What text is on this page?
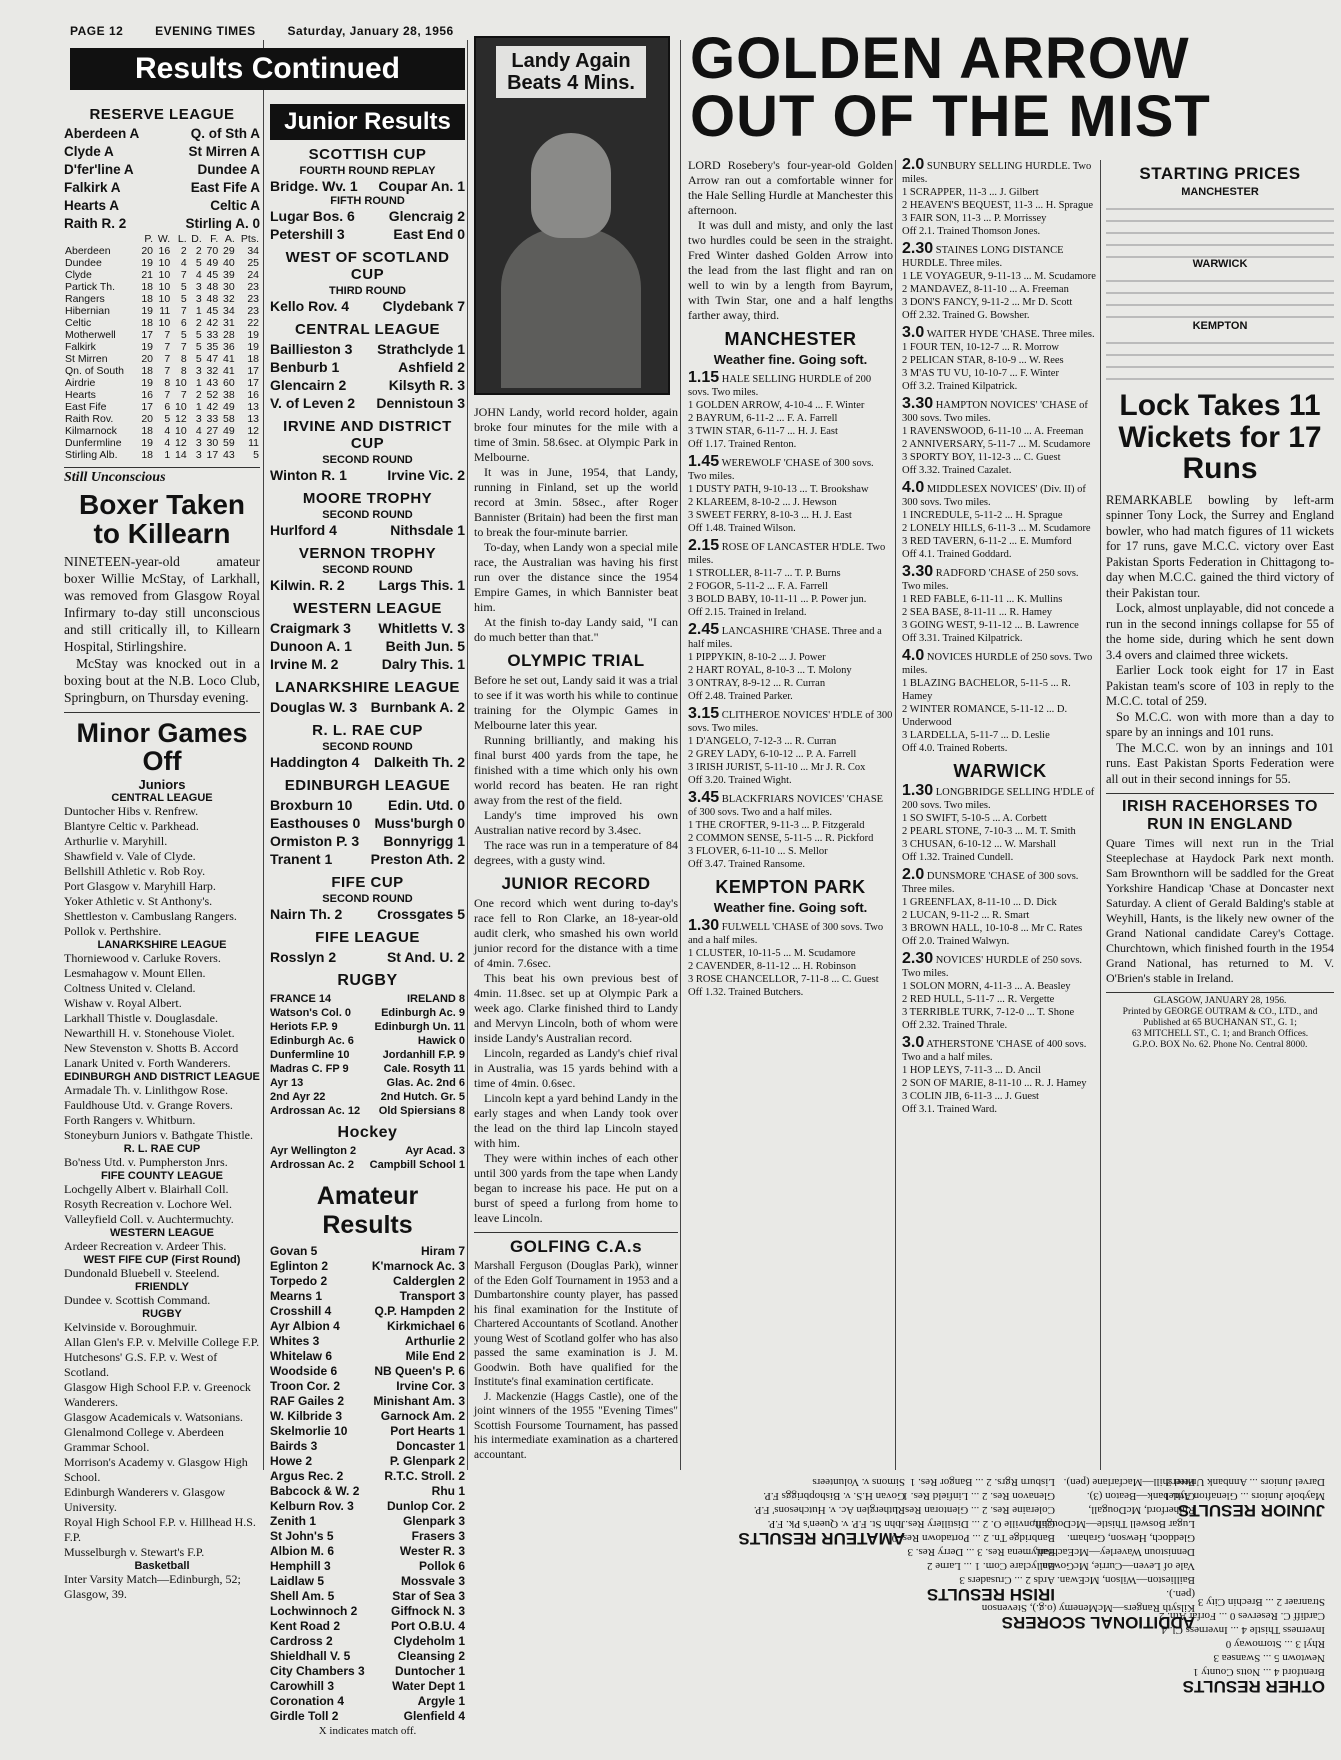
PAGE 12	EVENING TIMES	Saturday, January 28, 1956
Results Continued
RESERVE LEAGUE
Aberdeen A	Q. of Sth A
Clyde A	St Mirren A
D'fer'line A	Dundee A
Falkirk A	East Fife A
Hearts A	Celtic A
Raith R. 2	Stirling A. 0
	P.	W.	L.	D.	F.	A.	Pts.
Aberdeen	20	16	2	2	70	29	34
Dundee	19	10	4	5	49	40	25
Clyde	21	10	7	4	45	39	24
Partick Th.	18	10	5	3	48	30	23
Rangers	18	10	5	3	48	32	23
Hibernian	19	11	7	1	45	34	23
Celtic	18	10	6	2	42	31	22
Motherwell	17	7	5	5	33	28	19
Falkirk	19	7	7	5	35	36	19
St Mirren	20	7	8	5	47	41	18
Qn. of South	18	7	8	3	32	41	17
Airdrie	19	8	10	1	43	60	17
Hearts	16	7	7	2	52	38	16
East Fife	17	6	10	1	42	49	13
Raith Rov.	20	5	12	3	33	58	13
Kilmarnock	18	4	10	4	27	49	12
Dunfermline	19	4	12	3	30	59	11
Stirling Alb.	18	1	14	3	17	43	5
Still Unconscious
Boxer Taken to Killearn
NINETEEN-year-old amateur boxer Willie McStay, of Larkhall, was removed from Glasgow Royal Infirmary to-day still unconscious and still critically ill, to Killearn Hospital, Stirlingshire.
McStay was knocked out in a boxing bout at the N.B. Loco Club, Springburn, on Thursday evening.
Minor Games Off
Juniors
CENTRAL LEAGUE
Duntocher Hibs v. Renfrew.
Blantyre Celtic v. Parkhead.
Arthurlie v. Maryhill.
Shawfield v. Vale of Clyde.
Bellshill Athletic v. Rob Roy.
Port Glasgow v. Maryhill Harp.
Yoker Athletic v. St Anthony's.
Shettleston v. Cambuslang Rangers.
Pollok v. Perthshire.
LANARKSHIRE LEAGUE
Thorniewood v. Carluke Rovers.
Lesmahagow v. Mount Ellen.
Coltness United v. Cleland.
Wishaw v. Royal Albert.
Larkhall Thistle v. Douglasdale.
Newarthill H. v. Stonehouse Violet.
New Stevenston v. Shotts B. Accord
Lanark United v. Forth Wanderers.
EDINBURGH AND DISTRICT LEAGUE
Armadale Th. v. Linlithgow Rose.
Fauldhouse Utd. v. Grange Rovers.
Forth Rangers v. Whitburn.
Stoneyburn Juniors v. Bathgate Thistle.
R. L. RAE CUP
Bo'ness Utd. v. Pumpherston Jnrs.
FIFE COUNTY LEAGUE
Lochgelly Albert v. Blairhall Coll.
Rosyth Recreation v. Lochore Wel.
Valleyfield Coll. v. Auchtermuchty.
WESTERN LEAGUE
Ardeer Recreation v. Ardeer This.
WEST FIFE CUP (First Round)
Dundonald Bluebell v. Steelend.
FRIENDLY
Dundee v. Scottish Command.
RUGBY
Kelvinside v. Boroughmuir.
Allan Glen's F.P. v. Melville College F.P.
Hutchesons' G.S. F.P. v. West of Scotland.
Glasgow High School F.P. v. Greenock Wanderers.
Glasgow Academicals v. Watsonians.
Glenalmond College v. Aberdeen Grammar School.
Morrison's Academy v. Glasgow High School.
Edinburgh Wanderers v. Glasgow University.
Royal High School F.P. v. Hillhead H.S. F.P.
Musselburgh v. Stewart's F.P.
Basketball
Inter Varsity Match—Edinburgh, 52; Glasgow, 39.
Junior Results
SCOTTISH CUP
FOURTH ROUND REPLAY
Bridge. Wv. 1 Coupar An. 1
FIFTH ROUND
Lugar Bos. 6 Glencraig 2
Petershill 3	East End 0
WEST OF SCOTLAND CUP
THIRD ROUND
Kello Rov. 4 Clydebank 7
CENTRAL LEAGUE
Baillieston 3 Strathclyde 1
Benburb 1	Ashfield 2
Glencairn 2	Kilsyth R. 3
V. of Leven 2 Dennistoun 3
IRVINE AND DISTRICT CUP
SECOND ROUND
Winton R. 1	Irvine Vic. 2
MOORE TROPHY
SECOND ROUND
Hurlford 4	Nithsdale 1
VERNON TROPHY
SECOND ROUND
Kilwin. R. 2 Largs This. 1
WESTERN LEAGUE
Craigmark 3 Whitletts V. 3
Dunoon A. 1 Beith Jun. 5
Irvine M. 2	Dalry This. 1
LANARKSHIRE LEAGUE
Douglas W. 3 Burnbank A. 2
R. L. RAE CUP
SECOND ROUND
Haddington 4 Dalkeith Th. 2
EDINBURGH LEAGUE
Broxburn 10	Edin. Utd. 0
Easthouses 0 Muss'burgh 0
Ormiston P. 3 Bonnyrigg 1
Tranent 1	Preston Ath. 2
FIFE CUP
SECOND ROUND
Nairn Th. 2 Crossgates 5
FIFE LEAGUE
Rosslyn 2	St And. U. 2
RUGBY
FRANCE 14	IRELAND 8
Watson's Col. 0	Edinburgh Ac. 9
Heriots F.P. 9	Edinburgh Un. 11
Edinburgh Ac. 6	Hawick 0
Dunfermline 10	Jordanhill F.P. 9
Madras C. FP 9	Cale. Rosyth 11
Ayr 13	Glas. Ac. 2nd 6
2nd Ayr 22	2nd Hutch. Gr. 5
Ardrossan Ac. 12 Old Spiersians 8
Hockey
Ayr Wellington 2	Ayr Acad. 3
Ardrossan Ac. 2 Campbill School 1
Amateur Results
Govan 5	Hiram 7
Eglinton 2	K'marnock Ac. 3
Torpedo 2	Calderglen 2
Mearns 1	Transport 3
Crosshill 4	Q.P. Hampden 2
Ayr Albion 4	Kirkmichael 6
Whites 3	Arthurlie 2
Whitelaw 6	Mile End 2
Woodside 6	NB Queen's P. 6
Troon Cor. 2	Irvine Cor. 3
RAF Gailes 2 Minishant Am. 3
W. Kilbride 3	Garnock Am. 2
Skelmorlie 10	Port Hearts 1
Bairds 3	Doncaster 1
Howe 2	P. Glenpark 2
Argus Rec. 2	R.T.C. Stroll. 2
Babcock & W. 2	Rhu 1
Kelburn Rov. 3	Dunlop Cor. 2
Zenith 1	Glenpark 3
St John's 5	Frasers 3
Albion M. 6	Wester R. 3
Hemphill 3	Pollok 6
Laidlaw 5	Mossvale 3
Shell Am. 5	Star of Sea 3
Lochwinnoch 2	Giffnock N. 3
Kent Road 2	Port O.B.U. 4
Cardross 2	Clydeholm 1
Shieldhall V. 5	Cleansing 2
City Chambers 3	Duntocher 1
Carowhill 3	Water Dept 1
Coronation 4	Argyle 1
Girdle Toll 2	Glenfield 4
X indicates match off.
Landy Again Beats 4 Mins.
JOHN Landy, world record holder, again broke four minutes for the mile with a time of 3min. 58.6sec. at Olympic Park in Melbourne.
It was in June, 1954, that Landy, running in Finland, set up the world record at 3min. 58sec., after Roger Bannister (Britain) had been the first man to break the four-minute barrier.
To-day, when Landy won a special mile race, the Australian was having his first run over the distance since the 1954 Empire Games, in which Bannister beat him.
At the finish to-day Landy said, "I can do much better than that."
OLYMPIC TRIAL
Before he set out, Landy said it was a trial to see if it was worth his while to continue training for the Olympic Games in Melbourne later this year.
Running brilliantly, and making his final burst 400 yards from the tape, he finished with a time which only his own world record has beaten. He ran right away from the rest of the field.
Landy's time improved his own Australian native record by 3.4sec.
The race was run in a temperature of 84 degrees, with a gusty wind.
JUNIOR RECORD
One record which went during to-day's race fell to Ron Clarke, an 18-year-old audit clerk, who smashed his own world junior record for the distance with a time of 4min. 7.6sec.
This beat his own previous best of 4min. 11.8sec. set up at Olympic Park a week ago. Clarke finished third to Landy and Mervyn Lincoln, both of whom were inside Landy's Australian record.
Lincoln, regarded as Landy's chief rival in Australia, was 15 yards behind with a time of 4min. 0.6sec.
Lincoln kept a yard behind Landy in the early stages and when Landy took over the lead on the third lap Lincoln stayed with him.
They were within inches of each other until 300 yards from the tape when Landy began to increase his pace. He put on a burst of speed a furlong from home to leave Lincoln.
GOLFING C.A.s
Marshall Ferguson (Douglas Park), winner of the Eden Golf Tournament in 1953 and a Dumbartonshire county player, has passed his final examination for the Institute of Chartered Accountants of Scotland. Another young West of Scotland golfer who has also passed the same examination is J. M. Goodwin. Both have qualified for the Institute's final examination certificate.
J. Mackenzie (Haggs Castle), one of the joint winners of the 1955 "Evening Times" Scottish Foursome Tournament, has passed his intermediate examination as a chartered accountant.
GOLDEN ARROW OUT OF THE MIST
LORD Rosebery's four-year-old Golden Arrow ran out a comfortable winner for the Hale Selling Hurdle at Manchester this afternoon.
It was dull and misty, and only the last two hurdles could be seen in the straight. Fred Winter dashed Golden Arrow into the lead from the last flight and ran on well to win by a length from Bayrum, with Twin Star, one and a half lengths farther away, third.
MANCHESTER
Weather fine. Going soft.
1.15 HALE SELLING HURDLE of 200 sovs. Two miles.
1 GOLDEN ARROW, 4-10-4 ... F. Winter
2 BAYRUM, 6-11-2 ... F. A. Farrell
3 TWIN STAR, 6-11-7 ... H. J. East
Off 1.17. Trained Renton.
1.45 WEREWOLF 'CHASE of 300 sovs. Two miles.
1 DUSTY PATH, 9-10-13 ... T. Brookshaw
2 KLAREEM, 8-10-2 ... J. Hewson
3 SWEET FERRY, 8-10-3 ... H. J. East
Off 1.48. Trained Wilson.
2.15 ROSE OF LANCASTER H'DLE. Two miles.
1 STROLLER, 8-11-7 ... T. P. Burns
2 FOGOR, 5-11-2 ... F. A. Farrell
3 BOLD BABY, 10-11-11 ... P. Power jun.
Off 2.15. Trained in Ireland.
2.45 LANCASHIRE 'CHASE. Three and a half miles.
1 PIPPYKIN, 8-10-2 ... J. Power
2 HART ROYAL, 8-10-3 ... T. Molony
3 ONTRAY, 8-9-12 ... R. Curran
Off 2.48. Trained Parker.
3.15 CLITHEROE NOVICES' H'DLE of 300 sovs. Two miles.
1 D'ANGELO, 7-12-3 ... R. Curran
2 GREY LADY, 6-10-12 ... P. A. Farrell
3 IRISH JURIST, 5-11-10 ... Mr J. R. Cox
Off 3.20. Trained Wight.
3.45 BLACKFRIARS NOVICES' 'CHASE of 300 sovs. Two and a half miles.
1 THE CROFTER, 9-11-3 ... P. Fitzgerald
2 COMMON SENSE, 5-11-5 ... R. Pickford
3 FLOVER, 6-11-10 ... S. Mellor
Off 3.47. Trained Ransome.
KEMPTON PARK
Weather fine. Going soft.
1.30 FULWELL 'CHASE of 300 sovs. Two and a half miles.
1 CLUSTER, 10-11-5 ... M. Scudamore
2 CAVENDER, 8-11-12 ... H. Robinson
3 ROSE CHANCELLOR, 7-11-8 ... C. Guest
Off 1.32. Trained Butchers.
2.0 SUNBURY SELLING HURDLE. Two miles.
1 SCRAPPER, 11-3 ... J. Gilbert
2 HEAVEN'S BEQUEST, 11-3 ... H. Sprague
3 FAIR SON, 11-3 ... P. Morrissey
Off 2.1. Trained Thomson Jones.
2.30 STAINES LONG DISTANCE HURDLE. Three miles.
1 LE VOYAGEUR, 9-11-13 ... M. Scudamore
2 MANDAVEZ, 8-11-10 ... A. Freeman
3 DON'S FANCY, 9-11-2 ... Mr D. Scott
Off 2.32. Trained G. Bowsher.
3.0 WAITER HYDE 'CHASE. Three miles.
1 FOUR TEN, 10-12-7 ... R. Morrow
2 PELICAN STAR, 8-10-9 ... W. Rees
3 M'AS TU VU, 10-10-7 ... F. Winter
Off 3.2. Trained Kilpatrick.
3.30 HAMPTON NOVICES' 'CHASE of 300 sovs. Two miles.
1 RAVENSWOOD, 6-11-10 ... A. Freeman
2 ANNIVERSARY, 5-11-7 ... M. Scudamore
3 SPORTY BOY, 11-12-3 ... C. Guest
Off 3.32. Trained Cazalet.
4.0 MIDDLESEX NOVICES' (Div. II) of 300 sovs. Two miles.
1 INCREDULE, 5-11-2 ... H. Sprague
2 LONELY HILLS, 6-11-3 ... M. Scudamore
3 RED TAVERN, 6-11-2 ... E. Mumford
Off 4.1. Trained Goddard.
3.30 RADFORD 'CHASE of 250 sovs. Two miles.
1 RED FABLE, 6-11-11 ... K. Mullins
2 SEA BASE, 8-11-11 ... R. Hamey
3 GOING WEST, 9-11-12 ... B. Lawrence
Off 3.31. Trained Kilpatrick.
4.0 NOVICES HURDLE of 250 sovs. Two miles.
1 BLAZING BACHELOR, 5-11-5 ... R. Hamey
2 WINTER ROMANCE, 5-11-12 ... D. Underwood
3 LARDELLA, 5-11-7 ... D. Leslie
Off 4.0. Trained Roberts.
WARWICK
1.30 LONGBRIDGE SELLING H'DLE of 200 sovs. Two miles.
1 SO SWIFT, 5-10-5 ... A. Corbett
2 PEARL STONE, 7-10-3 ... M. T. Smith
3 CHUSAN, 6-10-12 ... W. Marshall
Off 1.32. Trained Cundell.
2.0 DUNSMORE 'CHASE of 300 sovs. Three miles.
1 GREENFLAX, 8-11-10 ... D. Dick
2 LUCAN, 9-11-2 ... R. Smart
3 BROWN HALL, 10-10-8 ... Mr C. Rates
Off 2.0. Trained Walwyn.
2.30 NOVICES' HURDLE of 250 sovs. Two miles.
1 SOLON MORN, 4-11-3 ... A. Beasley
2 RED HULL, 5-11-7 ... R. Vergette
3 TERRIBLE TURK, 7-12-0 ... T. Shone
Off 2.32. Trained Thrale.
3.0 ATHERSTONE 'CHASE of 400 sovs. Two and a half miles.
1 HOP LEYS, 7-11-3 ... D. Ancil
2 SON OF MARIE, 8-11-10 ... R. J. Hamey
3 COLIN JIB, 6-11-3 ... J. Guest
Off 3.1. Trained Ward.
STARTING PRICES
MANCHESTER
WARWICK
KEMPTON
Lock Takes 11 Wickets for 17 Runs
REMARKABLE bowling by left-arm spinner Tony Lock, the Surrey and England bowler, who had match figures of 11 wickets for 17 runs, gave M.C.C. victory over East Pakistan Sports Federation in Chittagong to-day when M.C.C. gained the third victory of their Pakistan tour.
Lock, almost unplayable, did not concede a run in the second innings collapse for 55 of the home side, during which he sent down 3.4 overs and claimed three wickets.
Earlier Lock took eight for 17 in East Pakistan team's score of 103 in reply to the M.C.C. total of 259.
So M.C.C. won with more than a day to spare by an innings and 101 runs.
The M.C.C. won by an innings and 101 runs. East Pakistan Sports Federation were all out in their second innings for 55.
IRISH RACEHORSES TO RUN IN ENGLAND
Quare Times will next run in the Trial Steeplechase at Haydock Park next month. Sam Brownthorn will be saddled for the Great Yorkshire Handicap 'Chase at Doncaster next Saturday. A client of Gerald Balding's stable at Weyhill, Hants, is the likely new owner of the Grand National candidate Carey's Cottage. Churchtown, which finished fourth in the 1954 Grand National, has returned to M. V. O'Brien's stable in Ireland.
GLASGOW, JANUARY 28, 1956.
Printed by GEORGE OUTRAM & CO., LTD., and Published at 65 BUCHANAN ST., G. 1;
63 MITCHELL ST., C. 1; and Branch Offices.
G.P.O. BOX No. 62. Phone No. Central 8000.
AMATEUR RESULTS
John St. F.P. v. Queen's Pk. F.P.
Rutherglen Ac. v. Hutchesons' F.P.
Govan H.S. v. Bishopbriggs F.P.
Simons v. Volunteers
IRISH RESULTS
Ards 2 ... Crusaders 3
Ballyclare Com. 1 ... Larne 2
Ballymena Res. 3 ... Derry Res. 3
Banbridge Tn. 2 ... Portadown Res. 0
Cliftonville O. 2 ... Distillery Res. 1
Coleraine Res. 2 ... Glentoran Res. 1
Glenavon Res. 2 ... Linfield Res. 1
Lisburn Rgrs. 2 ... Bangor Res. 1
ADDITIONAL SCORERS
Kilsyth Rangers—McMenemy (o.g.), Stevenson (pen.).
Baillieston—Wilson, McEwan.
Vale of Leven—Currie, McGowan.
Dennistoun Waverley—McEachran,
Gleddoch, Hewson, Graham.
Lugar Boswell Thistle—McDougall,
Rutherford, McDougall,
Clydebank—Beaton (3).
Petershill—Macfarlane (pen).
JUNIOR RESULTS
Maybole Juniors ... Glenafton Ath. 1
Darvel Juniors ... Annbank United 3
OTHER RESULTS
Brentford 4 ... Notts County 1
Newtown 5 ... Swansea 3
Rhyl 3 ... Stornoway 0
Inverness Thistle 4 ... Inverness Cl. 4
Cardiff C. Reserves 0 ... Forfar Ath. 2
Stranraer 2 ... Brechin City 3
